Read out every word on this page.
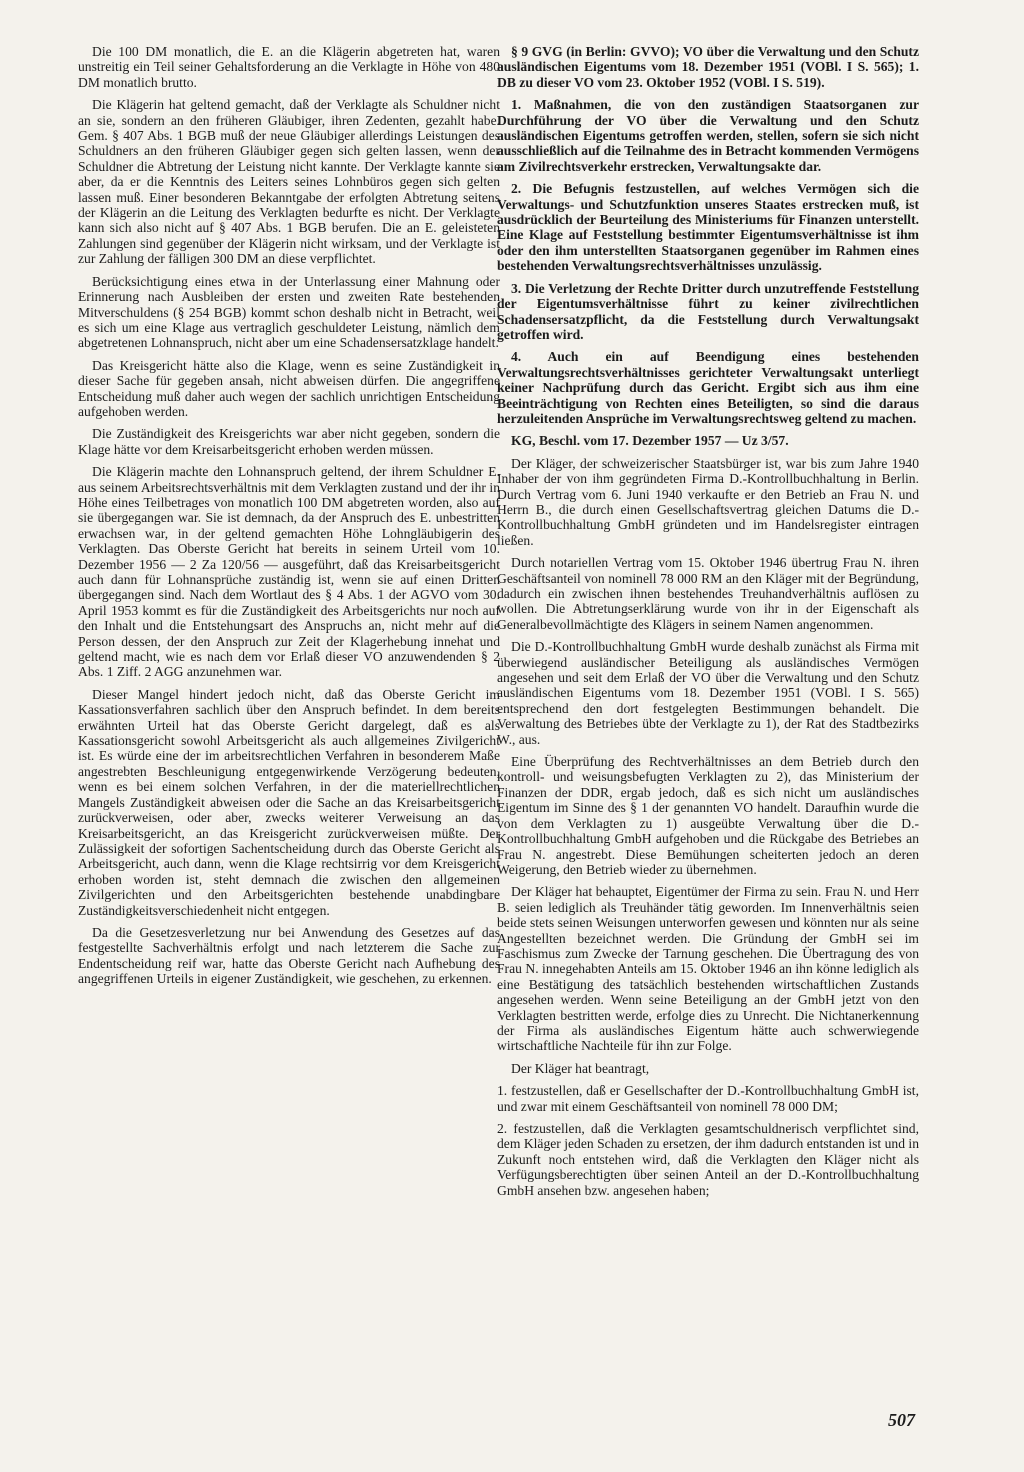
Die 100 DM monatlich, die E. an die Klägerin abgetreten hat, waren unstreitig ein Teil seiner Gehaltsforderung an die Verklagte in Höhe von 480 DM monatlich brutto.

Die Klägerin hat geltend gemacht, daß der Verklagte als Schuldner nicht an sie, sondern an den früheren Gläubiger, ihren Zedenten, gezahlt habe. Gem. § 407 Abs. 1 BGB muß der neue Gläubiger allerdings Leistungen des Schuldners an den früheren Gläubiger gegen sich gelten lassen, wenn der Schuldner die Abtretung der Leistung nicht kannte. Der Verklagte kannte sie aber, da er die Kenntnis des Leiters seines Lohnbüros gegen sich gelten lassen muß. Einer besonderen Bekanntgabe der erfolgten Abtretung seitens der Klägerin an die Leitung des Verklagten bedurfte es nicht. Der Verklagte kann sich also nicht auf § 407 Abs. 1 BGB berufen. Die an E. geleisteten Zahlungen sind gegenüber der Klägerin nicht wirksam, und der Verklagte ist zur Zahlung der fälligen 300 DM an diese verpflichtet.

Berücksichtigung eines etwa in der Unterlassung einer Mahnung oder Erinnerung nach Ausbleiben der ersten und zweiten Rate bestehenden Mitverschuldens (§ 254 BGB) kommt schon deshalb nicht in Betracht, weil es sich um eine Klage aus vertraglich geschuldeter Leistung, nämlich dem abgetretenen Lohnanspruch, nicht aber um eine Schadensersatzklage handelt.

Das Kreisgericht hätte also die Klage, wenn es seine Zuständigkeit in dieser Sache für gegeben ansah, nicht abweisen dürfen. Die angegriffene Entscheidung muß daher auch wegen der sachlich unrichtigen Entscheidung aufgehoben werden.

Die Zuständigkeit des Kreisgerichts war aber nicht gegeben, sondern die Klage hätte vor dem Kreisarbeitsgericht erhoben werden müssen.

Die Klägerin machte den Lohnanspruch geltend, der ihrem Schuldner E. aus seinem Arbeitsrechtsverhältnis mit dem Verklagten zustand und der ihr in Höhe eines Teilbetrages von monatlich 100 DM abgetreten worden, also auf sie übergegangen war. Sie ist demnach, da der Anspruch des E. unbestritten erwachsen war, in der geltend gemachten Höhe Lohngläubigerin des Verklagten. Das Oberste Gericht hat bereits in seinem Urteil vom 10. Dezember 1956 — 2 Za 120/56 — ausgeführt, daß das Kreisarbeitsgericht auch dann für Lohnansprüche zuständig ist, wenn sie auf einen Dritten übergegangen sind. Nach dem Wortlaut des § 4 Abs. 1 der AGVO vom 30. April 1953 kommt es für die Zuständigkeit des Arbeitsgerichts nur noch auf den Inhalt und die Entstehungsart des Anspruchs an, nicht mehr auf die Person dessen, der den Anspruch zur Zeit der Klagerhebung innehat und geltend macht, wie es nach dem vor Erlaß dieser VO anzuwendenden § 2 Abs. 1 Ziff. 2 AGG anzunehmen war.

Dieser Mangel hindert jedoch nicht, daß das Oberste Gericht im Kassationsverfahren sachlich über den Anspruch befindet. In dem bereits erwähnten Urteil hat das Oberste Gericht dargelegt, daß es als Kassationsgericht sowohl Arbeitsgericht als auch allgemeines Zivilgericht ist. Es würde eine der im arbeitsrechtlichen Verfahren in besonderem Maße angestrebten Beschleunigung entgegenwirkende Verzögerung bedeuten, wenn es bei einem solchen Verfahren, in der die materiellrechtlichen Mangels Zuständigkeit abweisen oder die Sache an das Kreisarbeitsgericht zurückverweisen, oder aber, zwecks weiterer Verweisung an das Kreisarbeitsgericht, an das Kreisgericht zurückverweisen müßte. Der Zulässigkeit der sofortigen Sachentscheidung durch das Oberste Gericht als Arbeitsgericht, auch dann, wenn die Klage rechtsirrig vor dem Kreisgericht erhoben worden ist, steht demnach die zwischen den allgemeinen Zivilgerichten und den Arbeitsgerichten bestehende unabdingbare Zuständigkeitsverschiedenheit nicht entgegen.

Da die Gesetzesverletzung nur bei Anwendung des Gesetzes auf das festgestellte Sachverhältnis erfolgt und nach letzterem die Sache zur Endentscheidung reif war, hatte das Oberste Gericht nach Aufhebung des angegriffenen Urteils in eigener Zuständigkeit, wie geschehen, zu erkennen.

§ 9 GVG (in Berlin: GVVO); VO über die Verwaltung und den Schutz ausländischen Eigentums vom 18. Dezember 1951 (VOBl. I S. 565); 1. DB zu dieser VO vom 23. Oktober 1952 (VOBl. I S. 519).

1. Maßnahmen, die von den zuständigen Staatsorganen zur Durchführung der VO über die Verwaltung und den Schutz ausländischen Eigentums getroffen werden, stellen, sofern sie sich nicht ausschließlich auf die Teilnahme des in Betracht kommenden Vermögens am Zivilrechtsverkehr erstrecken, Verwaltungsakte dar.

2. Die Befugnis festzustellen, auf welches Vermögen sich die Verwaltungs- und Schutzfunktion unseres Staates erstrecken muß, ist ausdrücklich der Beurteilung des Ministeriums für Finanzen unterstellt. Eine Klage auf Feststellung bestimmter Eigentumsverhältnisse ist ihm oder den ihm unterstellten Staatsorganen gegenüber im Rahmen eines bestehenden Verwaltungsrechtsverhältnisses unzulässig.

3. Die Verletzung der Rechte Dritter durch unzutreffende Feststellung der Eigentumsverhältnisse führt zu keiner zivilrechtlichen Schadensersatzpflicht, da die Feststellung durch Verwaltungsakt getroffen wird.

4. Auch ein auf Beendigung eines bestehenden Verwaltungsrechtsverhältnisses gerichteter Verwaltungsakt unterliegt keiner Nachprüfung durch das Gericht. Ergibt sich aus ihm eine Beeinträchtigung von Rechten eines Beteiligten, so sind die daraus herzuleitenden Ansprüche im Verwaltungsrechtsweg geltend zu machen.

KG, Beschl. vom 17. Dezember 1957 — Uz 3/57.

Der Kläger, der schweizerischer Staatsbürger ist, war bis zum Jahre 1940 Inhaber der von ihm gegründeten Firma D.-Kontrollbuchhaltung in Berlin. Durch Vertrag vom 6. Juni 1940 verkaufte er den Betrieb an Frau N. und Herrn B., die durch einen Gesellschaftsvertrag gleichen Datums die D.-Kontrollbuchhaltung GmbH gründeten und im Handelsregister eintragen ließen.

Durch notariellen Vertrag vom 15. Oktober 1946 übertrug Frau N. ihren Geschäftsanteil von nominell 78 000 RM an den Kläger mit der Begründung, dadurch ein zwischen ihnen bestehendes Treuhandverhältnis auflösen zu wollen. Die Abtretungserklärung wurde von ihr in der Eigenschaft als Generalbevollmächtigte des Klägers in seinem Namen angenommen.

Die D.-Kontrollbuchhaltung GmbH wurde deshalb zunächst als Firma mit überwiegend ausländischer Beteiligung als ausländisches Vermögen angesehen und seit dem Erlaß der VO über die Verwaltung und den Schutz ausländischen Eigentums vom 18. Dezember 1951 (VOBl. I S. 565) entsprechend den dort festgelegten Bestimmungen behandelt. Die Verwaltung des Betriebes übte der Verklagte zu 1), der Rat des Stadtbezirks W., aus.

Eine Überprüfung des Rechtverhältnisses an dem Betrieb durch den kontroll- und weisungsbefugten Verklagten zu 2), das Ministerium der Finanzen der DDR, ergab jedoch, daß es sich nicht um ausländisches Eigentum im Sinne des § 1 der genannten VO handelt. Daraufhin wurde die von dem Verklagten zu 1) ausgeübte Verwaltung über die D.-Kontrollbuchhaltung GmbH aufgehoben und die Rückgabe des Betriebes an Frau N. angestrebt. Diese Bemühungen scheiterten jedoch an deren Weigerung, den Betrieb wieder zu übernehmen.

Der Kläger hat behauptet, Eigentümer der Firma zu sein. Frau N. und Herr B. seien lediglich als Treuhänder tätig geworden. Im Innenverhältnis seien beide stets seinen Weisungen unterworfen gewesen und könnten nur als seine Angestellten bezeichnet werden. Die Gründung der GmbH sei im Faschismus zum Zwecke der Tarnung geschehen. Die Übertragung des von Frau N. innegehabten Anteils am 15. Oktober 1946 an ihn könne lediglich als eine Bestätigung des tatsächlich bestehenden wirtschaftlichen Zustands angesehen werden. Wenn seine Beteiligung an der GmbH jetzt von den Verklagten bestritten werde, erfolge dies zu Unrecht. Die Nichtanerkennung der Firma als ausländisches Eigentum hätte auch schwerwiegende wirtschaftliche Nachteile für ihn zur Folge.

Der Kläger hat beantragt,

1. festzustellen, daß er Gesellschafter der D.-Kontrollbuchhaltung GmbH ist, und zwar mit einem Geschäftsanteil von nominell 78 000 DM;

2. festzustellen, daß die Verklagten gesamtschuldnerisch verpflichtet sind, dem Kläger jeden Schaden zu ersetzen, der ihm dadurch entstanden ist und in Zukunft noch entstehen wird, daß die Verklagten den Kläger nicht als Verfügungsberechtigten über seinen Anteil an der D.-Kontrollbuchhaltung GmbH ansehen bzw. angesehen haben;

507
